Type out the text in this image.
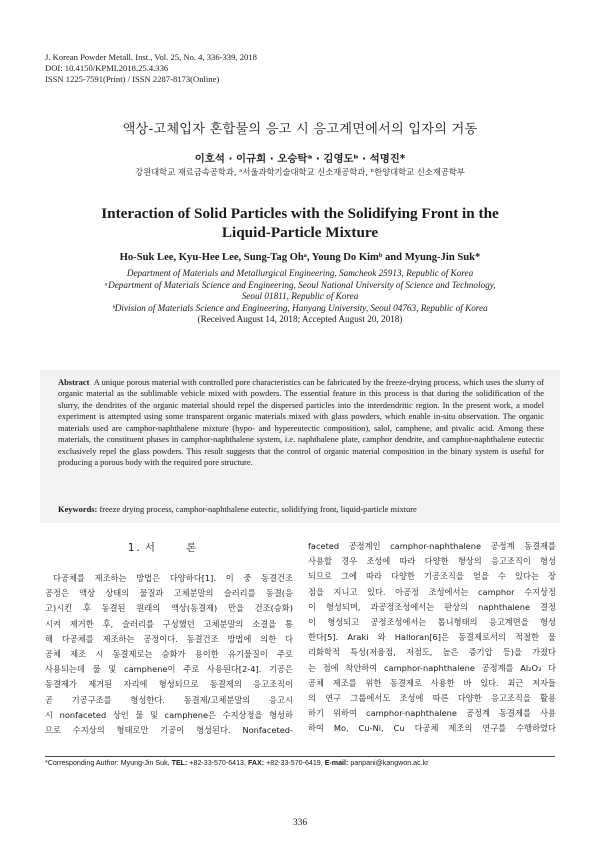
J. Korean Powder Metall. Inst., Vol. 25, No. 4, 336-339, 2018
DOI: 10.4150/KPMI.2018.25.4.336
ISSN 1225-7591(Print) / ISSN 2287-8173(Online)
액상-고체입자 혼합물의 응고 시 응고계면에서의 입자의 거동
이호석 · 이규희 · 오승탁ᵃ · 김영도ᵇ · 석명진*
강원대학교 재료금속공학과, ᵃ서울과학기술대학교 신소재공학과, ᵇ한양대학교 신소재공학부
Interaction of Solid Particles with the Solidifying Front in the
Liquid-Particle Mixture
Ho-Suk Lee, Kyu-Hee Lee, Sung-Tag Ohᵃ, Young Do Kimᵇ and Myung-Jin Suk*
Department of Materials and Metallurgical Engineering, Samcheok 25913, Republic of Korea
ᵃDepartment of Materials Science and Engineering, Seoul National University of Science and Technology,
Seoul 01811, Republic of Korea
ᵇDivision of Materials Science and Engineering, Hanyang University, Seoul 04763, Republic of Korea
(Received August 14, 2018; Accepted August 20, 2018)
Abstract A unique porous material with controlled pore characteristics can be fabricated by the freeze-drying process, which uses the slurry of organic material as the sublimable vehicle mixed with powders. The essential feature in this process is that during the solidification of the slurry, the dendrites of the organic material should repel the dispersed particles into the interdendritic region. In the present work, a model experiment is attempted using some transparent organic materials mixed with glass powders, which enable in-situ observation. The organic materials used are camphor-naphthalene mixture (hypo- and hypereutectic composition), salol, camphene, and pivalic acid. Among these materials, the constituent phases in camphor-naphthalene system, i.e. naphthalene plate, camphor dendrite, and camphor-naphthalene eutectic exclusively repel the glass powders. This result suggests that the control of organic material composition in the binary system is useful for producing a porous body with the required pore structure.
Keywords: freeze drying process, camphor-naphthalene eutectic, solidifying front, liquid-particle mixture
1. 서 론
다공체를 제조하는 방법은 다양하다[1]. 이 중 동결건조
공정은 액상 상태의 물질과 고체분말의 슬러리를 동결(응
고)시킨 후 동결된 원래의 액상(동결제) 만을 건조(승화)
시켜 제거한 후, 슬러리를 구성했던 고체분말의 소결을 통
해 다공체를 제조하는 공정이다. 동결건조 방법에 의한 다
공체 제조 시 동결제로는 승화가 용이한 유기물질이 주로
사용되는데 물 및 camphene이 주로 사용된다[2-4]. 기공은
동결제가 제거된 자리에 형성되므로 동결제의 응고조직이
곧 기공구조를 형성한다. 동결제/고체분말의 응고시
시 nonfaceted 상인 물 및 camphene은 수지상정을 형성하
므로 수지상의 형태로만 기공이 형성된다. Nonfaceted-
faceted 공정계인 camphor-naphthalene 공정계 동결제를
사용할 경우 조성에 따라 다양한 형상의 응고조직이 형성
되므로 그에 따라 다양한 기공조직을 얻을 수 있다는 장
점을 지니고 있다. 아공정 조성에서는 camphor 수지상정
이 형성되며, 과공정조성에서는 판상의 naphthalene 결정
이 형성되고 공정조성에서는 톱니형태의 응고계면을 형성
한다[5]. Araki 와 Halloran[6]은 동결제로서의 적절한 물
리화학적 특성(저융점, 저점도, 높은 증기압 등)을 가졌다
는 점에 착안하여 camphor-naphthalene 공정계를 Al₂O₃ 다
공체 제조를 위한 동결제로 사용한 바 있다. 최근 저자들
의 연구 그룹에서도 조성에 따른 다양한 응고조직을 활용
하기 위하여 camphor-naphthalene 공정계 동결제를 사용
하여 Mo, Cu-Ni, Cu 다공체 제조의 연구를 수행하였다
*Corresponding Author: Myung-Jin Suk, TEL: +82-33-570-6413, FAX: +82-33-570-6419, E-mail: panpani@kangwon.ac.kr
336
